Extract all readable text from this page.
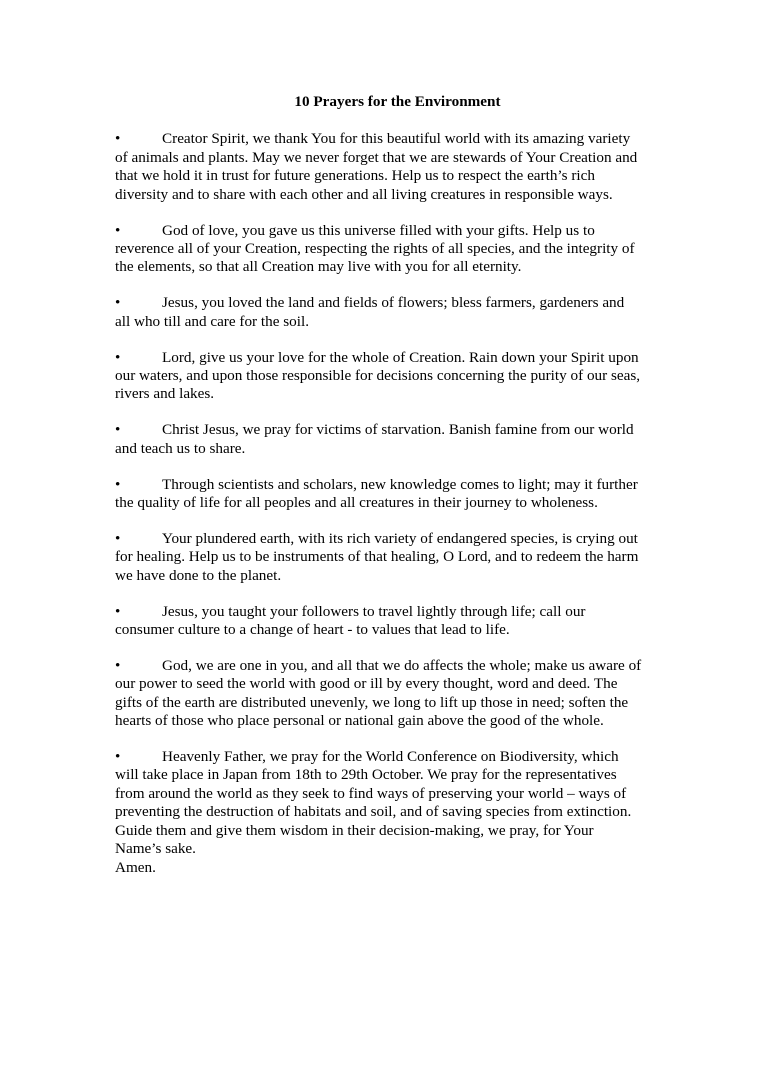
10 Prayers for the Environment
•	Creator Spirit, we thank You for this beautiful world with its amazing variety
of animals and plants. May we never forget that we are stewards of Your Creation and
that we hold it in trust for future generations. Help us to respect the earth’s rich
diversity and to share with each other and all living creatures in responsible ways.
•	God of love, you gave us this universe filled with your gifts. Help us to
reverence all of your Creation, respecting the rights of all species, and the integrity of
the elements, so that all Creation may live with you for all eternity.
•	Jesus, you loved the land and fields of flowers; bless farmers, gardeners and
all who till and care for the soil.
•	Lord, give us your love for the whole of Creation. Rain down your Spirit upon
our waters, and upon those responsible for decisions concerning the purity of our seas,
rivers and lakes.
•	Christ Jesus, we pray for victims of starvation. Banish famine from our world
and teach us to share.
•	Through scientists and scholars, new knowledge comes to light; may it further
the quality of life for all peoples and all creatures in their journey to wholeness.
•	Your plundered earth, with its rich variety of endangered species, is crying out
for healing. Help us to be instruments of that healing, O Lord, and to redeem the harm
we have done to the planet.
•	Jesus, you taught your followers to travel lightly through life; call our
consumer culture to a change of heart - to values that lead to life.
•	God, we are one in you, and all that we do affects the whole; make us aware of
our power to seed the world with good or ill by every thought, word and deed. The
gifts of the earth are distributed unevenly, we long to lift up those in need; soften the
hearts of those who place personal or national gain above the good of the whole.
•	Heavenly Father, we pray for the World Conference on Biodiversity, which
will take place in Japan from 18th to 29th October. We pray for the representatives
from around the world as they seek to find ways of preserving your world – ways of
preventing the destruction of habitats and soil, and of saving species from extinction.
Guide them and give them wisdom in their decision-making, we pray, for Your
Name’s sake.
Amen.
